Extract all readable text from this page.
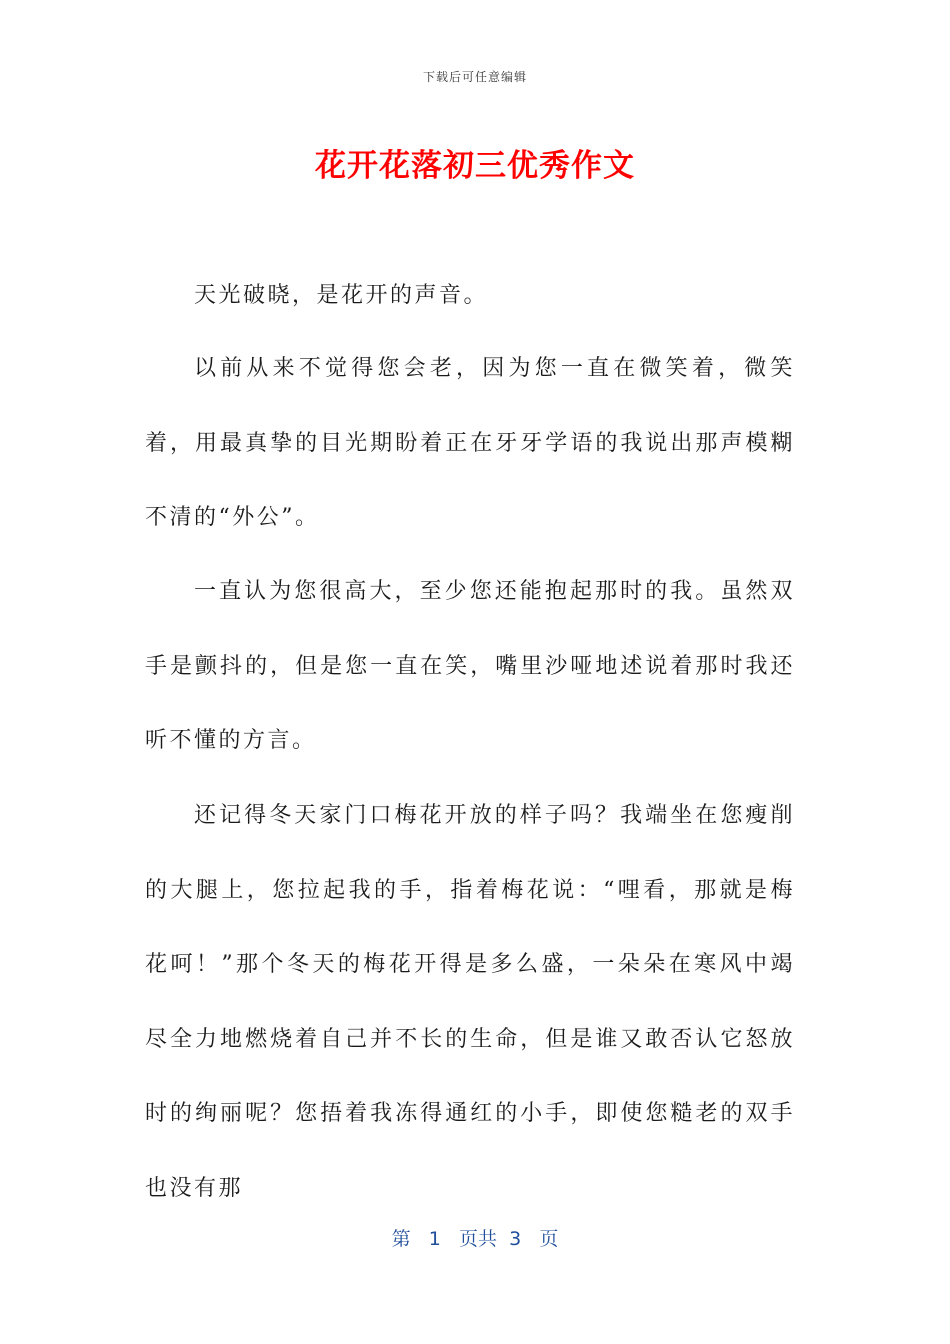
下载后可任意编辑
花开花落初三优秀作文

天光破晓，是花开的声音。

以前从来不觉得您会老，因为您一直在微笑着，微笑着，用最真挚的目光期盼着正在牙牙学语的我说出那声模糊不清的“外公”。

一直认为您很高大，至少您还能抱起那时的我。虽然双手是颤抖的，但是您一直在笑，嘴里沙哑地述说着那时我还听不懂的方言。

还记得冬天家门口梅花开放的样子吗？我端坐在您瘦削的大腿上，您拉起我的手，指着梅花说：“哩看，那就是梅花呵！”那个冬天的梅花开得是多么盛，一朵朵在寒风中竭尽全力地燃烧着自己并不长的生命，但是谁又敢否认它怒放时的绚丽呢？您捂着我冻得通红的小手，即使您糙老的双手也没有那

第 1 页共 3 页
